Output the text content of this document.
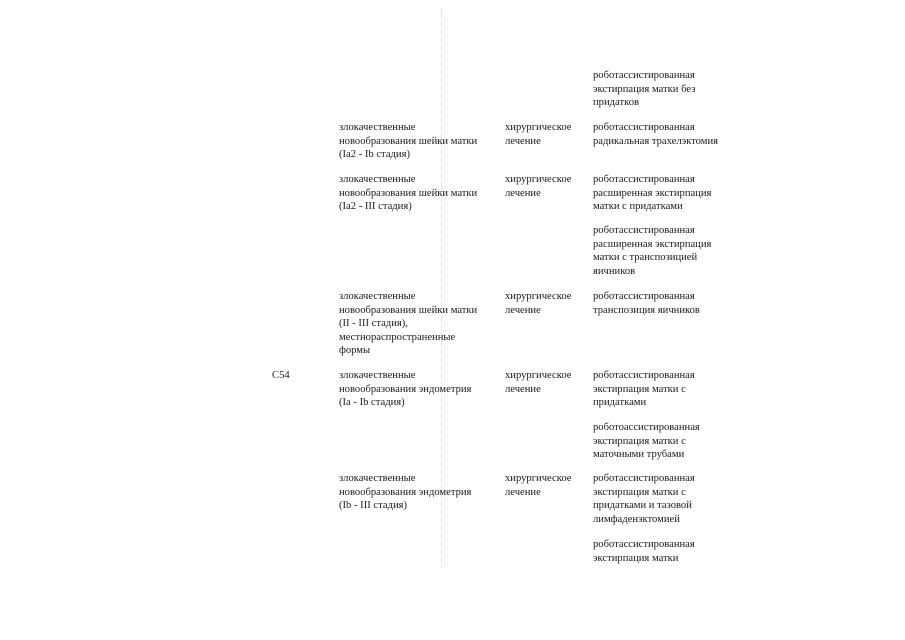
роботассистированная
экстирпация матки без
придатков
злокачественные
новообразования шейки матки
(Ia2 - Ib стадия)
хирургическое
лечение
роботассистированная
радикальная трахелэктомия
злокачественные
новообразования шейки матки
(Ia2 - III стадия)
хирургическое
лечение
роботассистированная
расширенная экстирпация
матки с придатками
роботассистированная
расширенная экстирпация
матки с транспозицией
яичников
злокачественные
новообразования шейки матки
(II - III стадия),
местнораспространенные
формы
хирургическое
лечение
роботассистированная
транспозиция яичников
C54	злокачественные
новообразования эндометрия
(Ia - Ib стадия)
хирургическое
лечение
роботассистированная
экстирпация матки с
придатками
роботоассистированная
экстирпация матки с
маточными трубами
злокачественные
новообразования эндометрия
(Ib - III стадия)
хирургическое
лечение
роботассистированная
экстирпация матки с
придатками и тазовой
лимфаденэктомией
роботассистированная
экстирпация матки
